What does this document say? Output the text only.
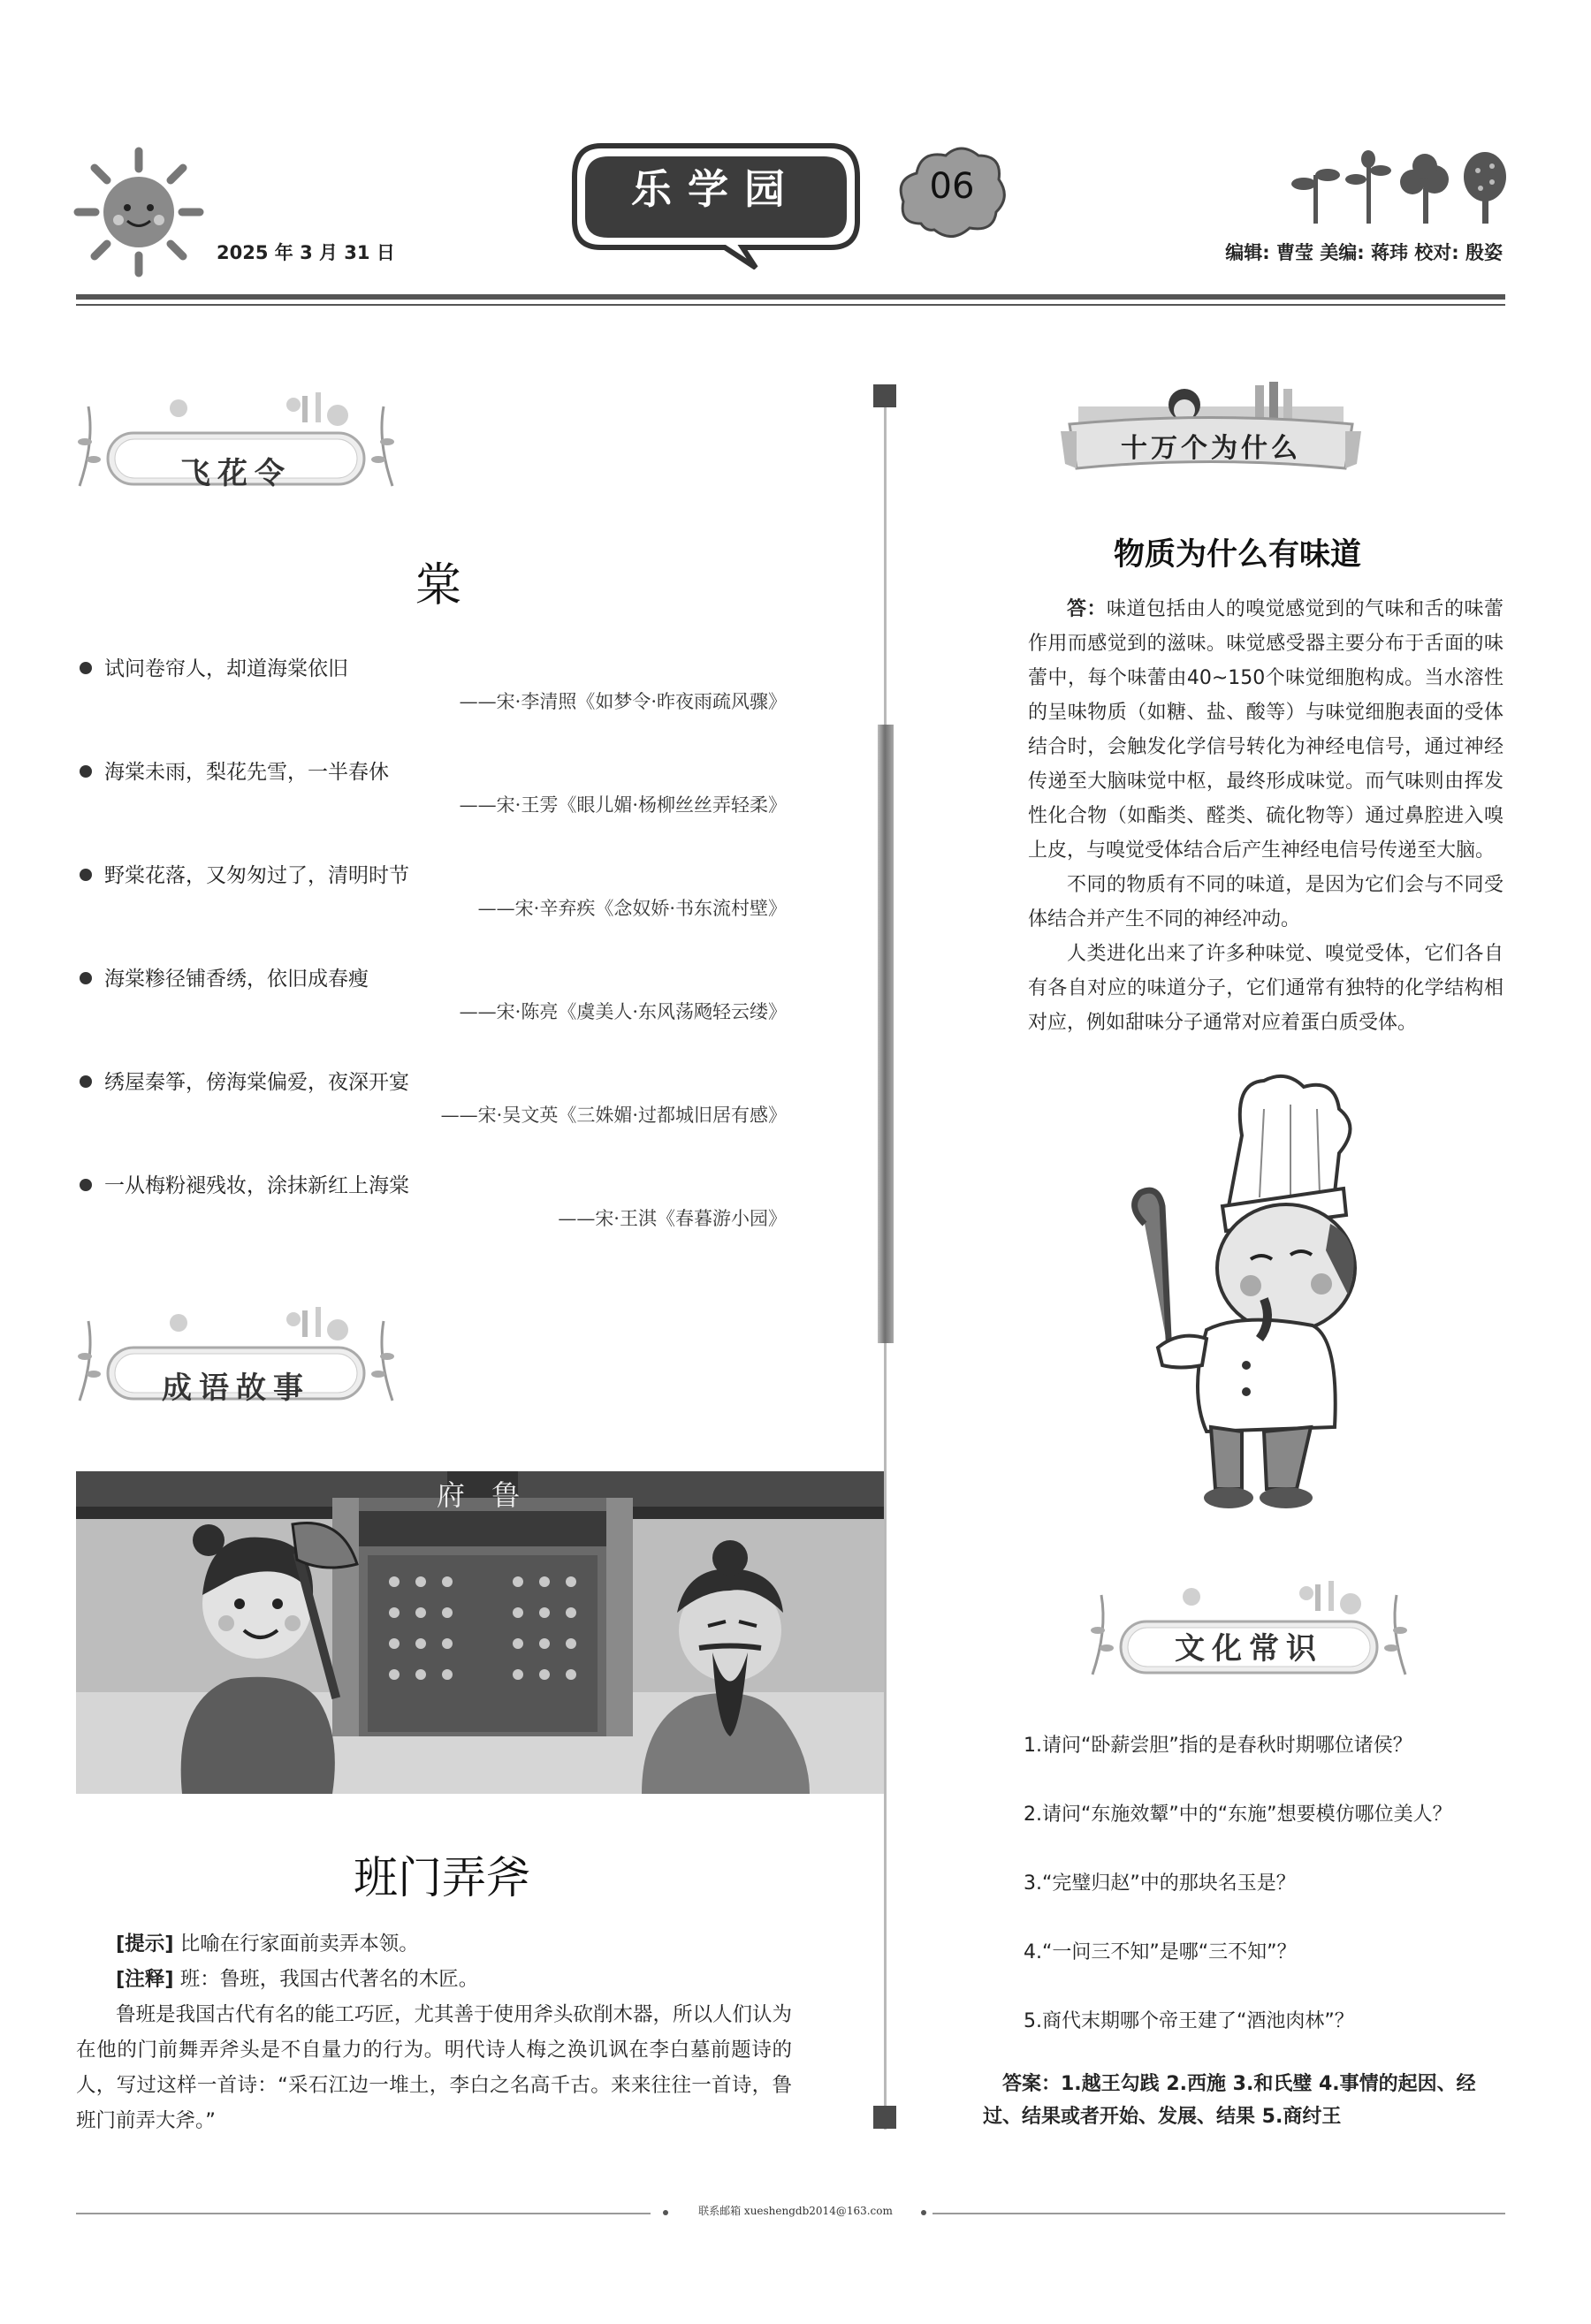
2025 年 3 月 31 日
乐学园	06
编辑: 曹莹 美编: 蒋玮 校对: 殷姿
飞花令
棠
试问卷帘人，却道海棠依旧
——宋·李清照《如梦令·昨夜雨疏风骤》
海棠未雨，梨花先雪，一半春休
——宋·王雱《眼儿媚·杨柳丝丝弄轻柔》
野棠花落，又匆匆过了，清明时节
——宋·辛弃疾《念奴娇·书东流村壁》
海棠糁径铺香绣，依旧成春瘦
——宋·陈亮《虞美人·东风荡飏轻云缕》
绣屋秦筝，傍海棠偏爱，夜深开宴
——宋·吴文英《三姝媚·过都城旧居有感》
一从梅粉褪残妆，涂抹新红上海棠
——宋·王淇《春暮游小园》
成语故事
府 鲁
班门弄斧

[提示] 比喻在行家面前卖弄本领。

[注释] 班：鲁班，我国古代著名的木匠。

鲁班是我国古代有名的能工巧匠，尤其善于使用斧头砍削木器，所以人们认为在他的门前舞弄斧头是不自量力的行为。明代诗人梅之涣讥讽在李白墓前题诗的人，写过这样一首诗：“采石江边一堆土，李白之名高千古。来来往往一首诗，鲁班门前弄大斧。”

十万个为什么
物质为什么有味道

答：味道包括由人的嗅觉感觉到的气味和舌的味蕾作用而感觉到的滋味。味觉感受器主要分布于舌面的味蕾中，每个味蕾由40~150个味觉细胞构成。当水溶性的呈味物质（如糖、盐、酸等）与味觉细胞表面的受体结合时，会触发化学信号转化为神经电信号，通过神经传递至大脑味觉中枢，最终形成味觉。而气味则由挥发性化合物（如酯类、醛类、硫化物等）通过鼻腔进入嗅上皮，与嗅觉受体结合后产生神经电信号传递至大脑。

不同的物质有不同的味道，是因为它们会与不同受体结合并产生不同的神经冲动。

人类进化出来了许多种味觉、嗅觉受体，它们各自有各自对应的味道分子，它们通常有独特的化学结构相对应，例如甜味分子通常对应着蛋白质受体。

文化常识
1.请问“卧薪尝胆”指的是春秋时期哪位诸侯？
2.请问“东施效颦”中的“东施”想要模仿哪位美人？
3.“完璧归赵”中的那块名玉是？
4.“一问三不知”是哪“三不知”？
5.商代末期哪个帝王建了“酒池肉林”？
答案：1.越王勾践 2.西施 3.和氏璧 4.事情的起因、经过、结果或者开始、发展、结果 5.商纣王
联系邮箱 xueshengdb2014@163.com
